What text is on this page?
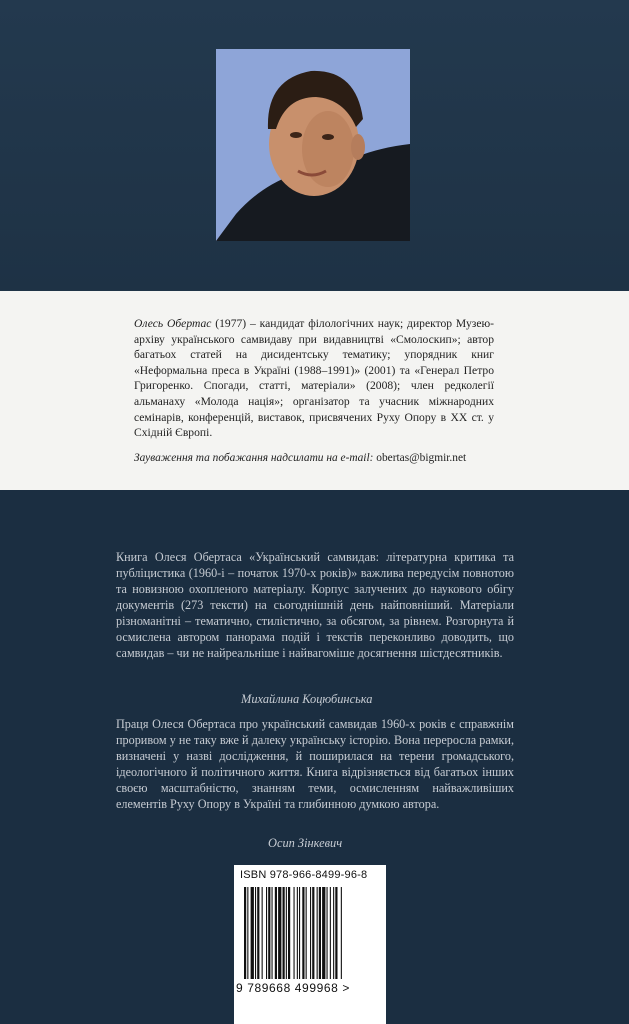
Олесь Обертас (1977) – кандидат філологічних наук; директор Музею-архіву українського самвидаву при видавництві «Смолоскип»; автор багатьох статей на дисидентську тематику; упорядник книг «Неформальна преса в Україні (1988–1991)» (2001) та «Генерал Петро Григоренко. Спогади, статті, матеріали» (2008); член редколегії альманаху «Молода нація»; організатор та учасник міжнародних семінарів, конференцій, виставок, присвячених Руху Опору в ХХ ст. у Східній Європі.
Зауваження та побажання надсилати на e-mail: obertas@bigmir.net
Книга Олеся Обертаса «Український самвидав: літературна критика та публіцистика (1960-і – початок 1970-х років)» важлива передусім повнотою та новизною охопленого матеріалу. Корпус залучених до наукового обігу документів (273 тексти) на сьогоднішній день найповніший. Матеріали різноманітні – тематично, стилістично, за обсягом, за рівнем. Розгорнута й осмислена автором панорама подій і текстів переконливо доводить, що самвидав – чи не найреальніше і найвагоміше досягнення шістдесятників.
Михайлина Коцюбинська
Праця Олеся Обертаса про український самвидав 1960-х років є справжнім проривом у не таку вже й далеку українську історію. Вона переросла рамки, визначені у назві дослідження, й поширилася на терени громадського, ідеологічного й політичного життя. Книга відрізняється від багатьох інших своєю масштабністю, знанням теми, осмисленням найважливіших елементів Руху Опору в Україні та глибинною думкою автора.
Осип Зінкевич
ISBN 978-966-8499-96-8
9 789668 499968 >
